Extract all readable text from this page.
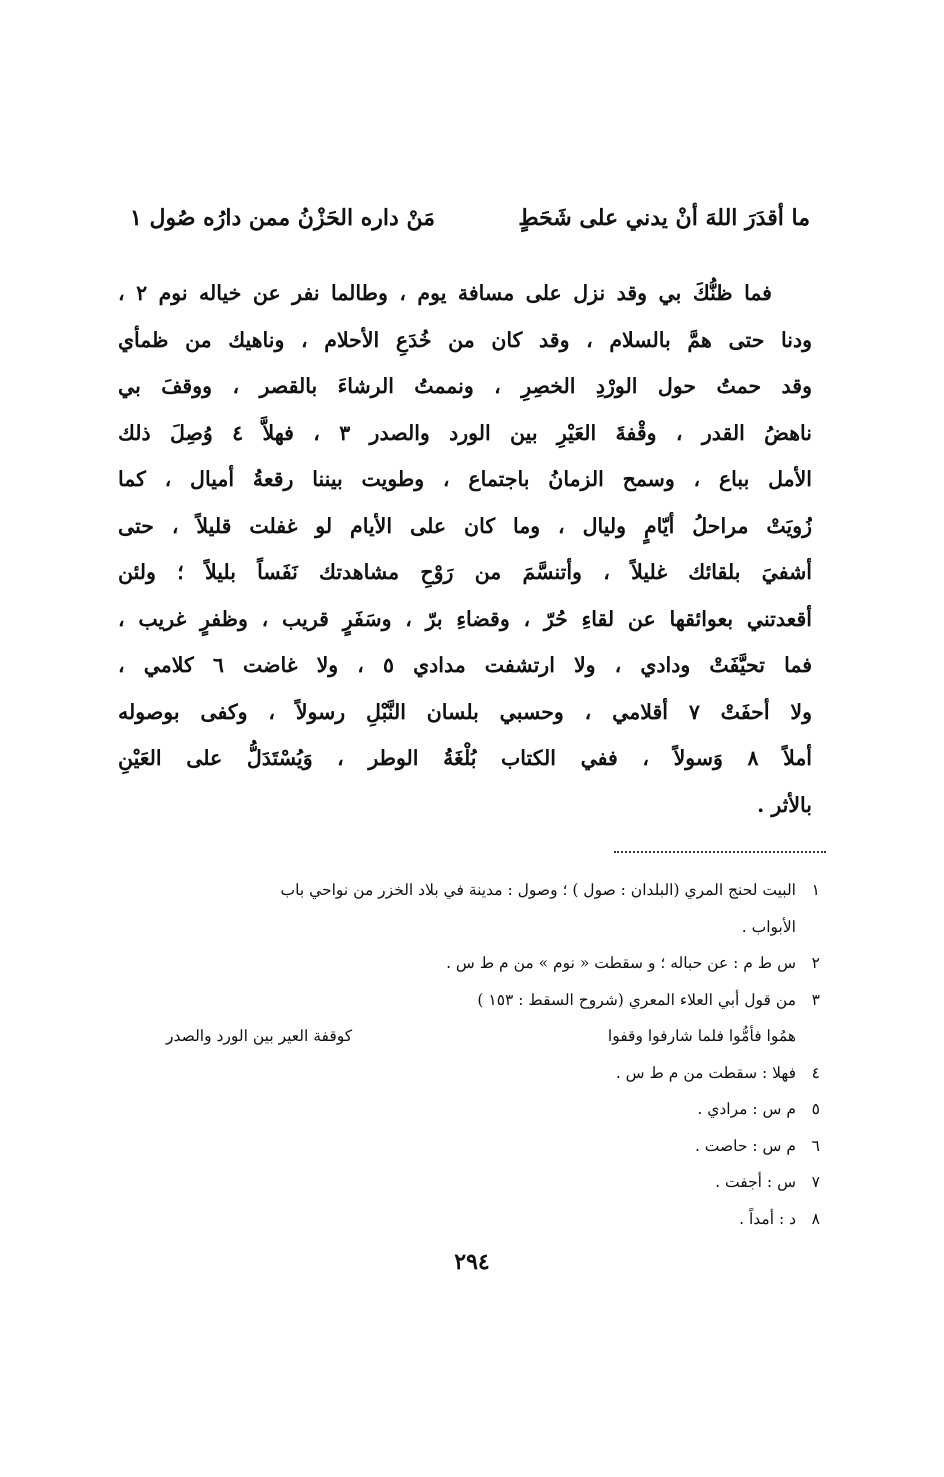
ما أقدَرَ اللهَ أنْ يدني على شَحَطٍ
مَنْ داره الحَزْنُ ممن دارُه صُول ١
فما ظنُّكَ بي وقد نزل على مسافة يوم ، وطالما نفر عن خياله نوم ٢ ،
ودنا حتى همَّ بالسلام ، وقد كان من خُدَعِ الأحلام ، وناهيك من ظمأي
وقد حمتُ حول الورْدِ الخصِرِ ، ونممتُ الرشاءَ بالقصر ، ووقفَ بي
ناهضُ القدر ، وقْفةَ العَيْرِ بين الورد والصدر ٣ ، فهلاَّ ٤ وُصِلَ ذلك
الأمل بباع ، وسمح الزمانُ باجتماع ، وطويت بيننا رقعةُ أميال ، كما
زُويَتْ مراحلُ أيّامٍ وليال ، وما كان على الأيام لو غفلت قليلاً ، حتى
أشفيَ بلقائك غليلاً ، وأتنسَّمَ من رَوْحِ مشاهدتك نَفَساً بليلاً ؛ ولئن
أقعدتني بعوائقها عن لقاءِ حُرّ ، وقضاءِ برّ ، وسَفَرٍ قريب ، وظفرٍ غريب ،
فما تحيَّفَتْ ودادي ، ولا ارتشفت مدادي ٥ ، ولا غاضت ٦ كلامي ،
ولا أحفَتْ ٧ أقلامي ، وحسبي بلسان النَّبْلِ رسولاً ، وكفى بوصوله
أملاً ٨ وَسولاً ، ففي الكتاب بُلْغَةُ الوطر ، وَيُسْتَدَلُّ على العَيْنِ
بالأثر .
١
البيت لحنج المري (البلدان : صول ) ؛ وصول : مدينة في بلاد الخزر من نواحي باب
الأبواب .
٢
س ط م : عن حباله ؛ و سقطت « نوم » من م ط س .
٣
من قول أبي العلاء المعري (شروح السقط : ١٥٣ )
همُوا فأمُّوا فلما شارفوا وقفوا
كوقفة العير بين الورد والصدر
٤
فهلا : سقطت من م ط س .
٥
م س : مرادي .
٦
م س : حاصت .
٧
س : أجفت .
٨
د : أمداً .
٢٩٤
